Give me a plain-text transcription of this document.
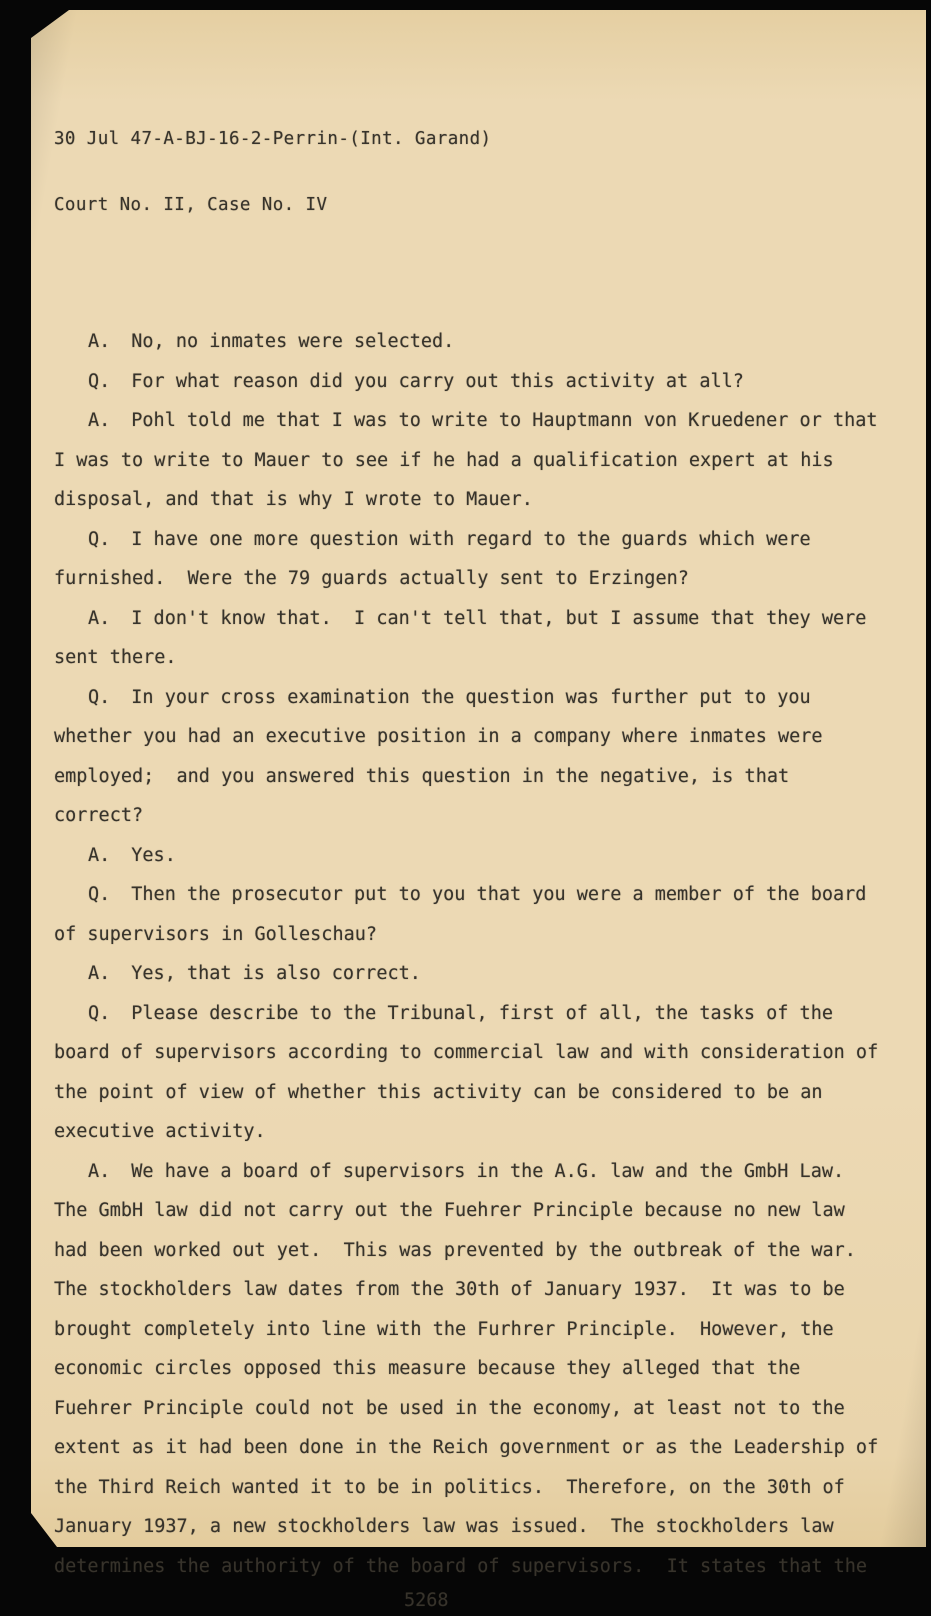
30 Jul 47-A-BJ-16-2-Perrin-(Int. Garand)

Court No. II, Case No. IV

A. No, no inmates were selected.

Q. For what reason did you carry out this activity at all?

A. Pohl told me that I was to write to Hauptmann von Kruedener or that I was to write to Mauer to see if he had a qualification expert at his disposal, and that is why I wrote to Mauer.

Q. I have one more question with regard to the guards which were furnished.  Were the 79 guards actually sent to Erzingen?

A. I don't know that.  I can't tell that, but I assume that they were sent there.

Q. In your cross examination the question was further put to you whether you had an executive position in a company where inmates were employed;  and you answered this question in the negative, is that correct?

A. Yes.

Q. Then the prosecutor put to you that you were a member of the board of supervisors in Golleschau?

A. Yes, that is also correct.

Q. Please describe to the Tribunal, first of all, the tasks of the board of supervisors according to commercial law and with consideration of the point of view of whether this activity can be considered to be an executive activity.

A. We have a board of supervisors in the A.G. law and the GmbH Law.  The GmbH law did not carry out the Fuehrer Principle because no new law had been worked out yet.  This was prevented by the outbreak of the war.  The stockholders law dates from the 30th of January 1937.  It was to be brought completely into line with the Furhrer Principle.  However, the economic circles opposed this measure because they alleged that the Fuehrer Principle could not be used in the economy, at least not to the extent as it had been done in the Reich government or as the Leadership of the Third Reich wanted it to be in politics.  Therefore, on the 30th of January 1937, a new stockholders law was issued.  The stockholders law determines the authority of the board of supervisors.  It states that the

5268
